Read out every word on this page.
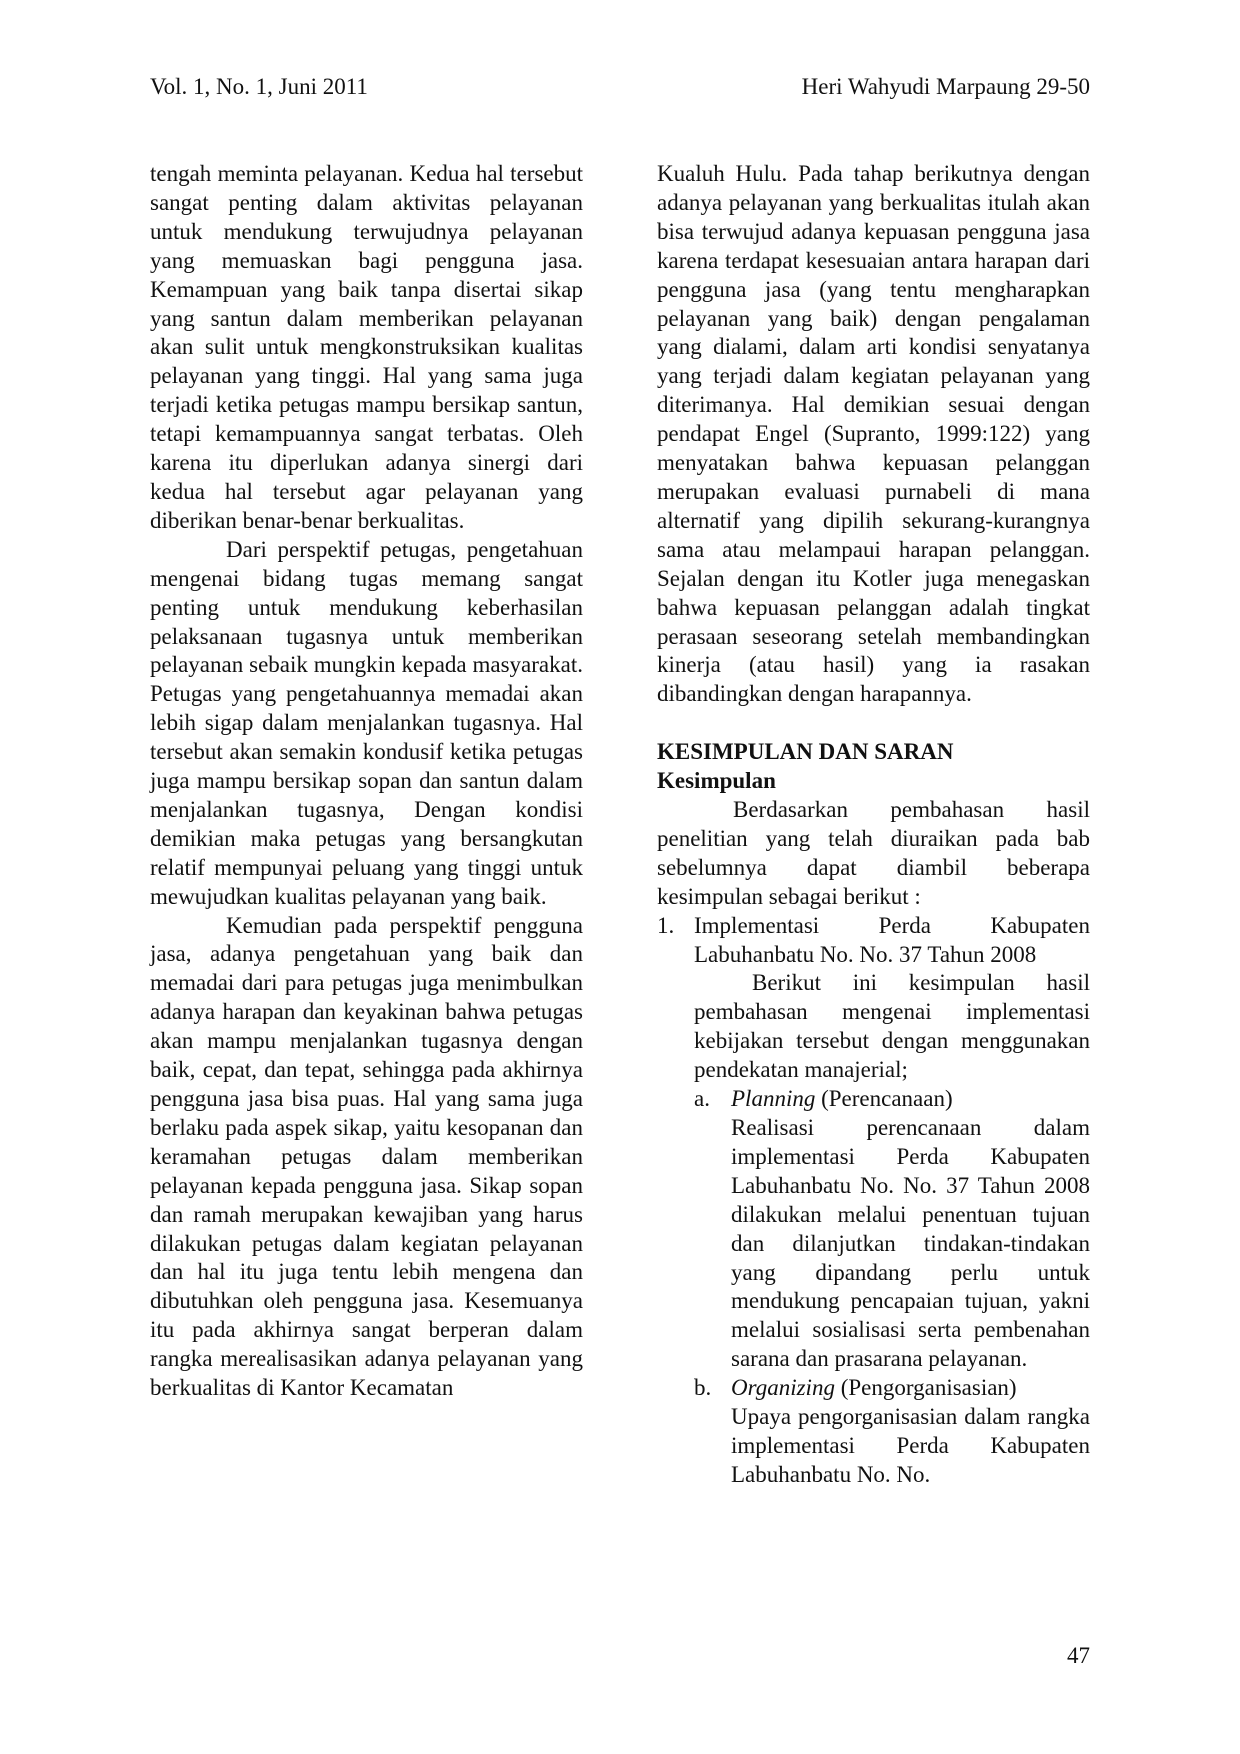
Vol. 1, No. 1, Juni 2011	Heri Wahyudi Marpaung 29-50

tengah meminta pelayanan. Kedua hal tersebut sangat penting dalam aktivitas pelayanan untuk mendukung terwujudnya pelayanan yang memuaskan bagi pengguna jasa. Kemampuan yang baik tanpa disertai sikap yang santun dalam memberikan pelayanan akan sulit untuk mengkonstruksikan kualitas pelayanan yang tinggi. Hal yang sama juga terjadi ketika petugas mampu bersikap santun, tetapi kemampuannya sangat terbatas. Oleh karena itu diperlukan adanya sinergi dari kedua hal tersebut agar pelayanan yang diberikan benar-benar berkualitas.

Dari perspektif petugas, pengetahuan mengenai bidang tugas memang sangat penting untuk mendukung keberhasilan pelaksanaan tugasnya untuk memberikan pelayanan sebaik mungkin kepada masyarakat. Petugas yang pengetahuannya memadai akan lebih sigap dalam menjalankan tugasnya. Hal tersebut akan semakin kondusif ketika petugas juga mampu bersikap sopan dan santun dalam menjalankan tugasnya, Dengan kondisi demikian maka petugas yang bersangkutan relatif mempunyai peluang yang tinggi untuk mewujudkan kualitas pelayanan yang baik.

Kemudian pada perspektif pengguna jasa, adanya pengetahuan yang baik dan memadai dari para petugas juga menimbulkan adanya harapan dan keyakinan bahwa petugas akan mampu menjalankan tugasnya dengan baik, cepat, dan tepat, sehingga pada akhirnya pengguna jasa bisa puas. Hal yang sama juga berlaku pada aspek sikap, yaitu kesopanan dan keramahan petugas dalam memberikan pelayanan kepada pengguna jasa. Sikap sopan dan ramah merupakan kewajiban yang harus dilakukan petugas dalam kegiatan pelayanan dan hal itu juga tentu lebih mengena dan dibutuhkan oleh pengguna jasa. Kesemuanya itu pada akhirnya sangat berperan dalam rangka merealisasikan adanya pelayanan yang berkualitas di Kantor Kecamatan

Kualuh Hulu. Pada tahap berikutnya dengan adanya pelayanan yang berkualitas itulah akan bisa terwujud adanya kepuasan pengguna jasa karena terdapat kesesuaian antara harapan dari pengguna jasa (yang tentu mengharapkan pelayanan yang baik) dengan pengalaman yang dialami, dalam arti kondisi senyatanya yang terjadi dalam kegiatan pelayanan yang diterimanya. Hal demikian sesuai dengan pendapat Engel (Supranto, 1999:122) yang menyatakan bahwa kepuasan pelanggan merupakan evaluasi purnabeli di mana alternatif yang dipilih sekurang-kurangnya sama atau melampaui harapan pelanggan. Sejalan dengan itu Kotler juga menegaskan bahwa kepuasan pelanggan adalah tingkat perasaan seseorang setelah membandingkan kinerja (atau hasil) yang ia rasakan dibandingkan dengan harapannya.

KESIMPULAN DAN SARAN
Kesimpulan

Berdasarkan pembahasan hasil penelitian yang telah diuraikan pada bab sebelumnya dapat diambil beberapa kesimpulan sebagai berikut :

1. Implementasi Perda Kabupaten Labuhanbatu No. No. 37 Tahun 2008

Berikut ini kesimpulan hasil pembahasan mengenai implementasi kebijakan tersebut dengan menggunakan pendekatan manajerial;

a. Planning (Perencanaan)

Realisasi perencanaan dalam implementasi Perda Kabupaten Labuhanbatu No. No. 37 Tahun 2008 dilakukan melalui penentuan tujuan dan dilanjutkan tindakan-tindakan yang dipandang perlu untuk mendukung pencapaian tujuan, yakni melalui sosialisasi serta pembenahan sarana dan prasarana pelayanan.

b. Organizing (Pengorganisasian)

Upaya pengorganisasian dalam rangka implementasi Perda Kabupaten Labuhanbatu No. No.

47
